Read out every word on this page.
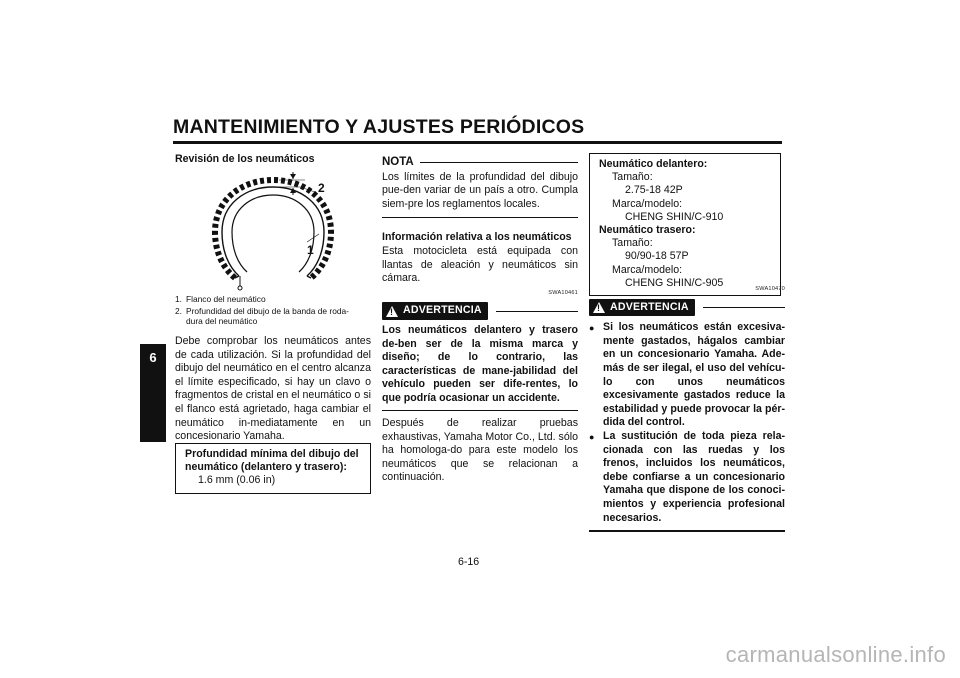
MANTENIMIENTO Y AJUSTES PERIÓDICOS
6
Revisión de los neumáticos
2
1
1. Flanco del neumático
2. Profundidad del dibujo de la banda de roda-
dura del neumático
Debe comprobar los neumáticos antes de cada utilización. Si la profundidad del dibujo del neumático en el centro alcanza el límite especificado, si hay un clavo o fragmentos de cristal en el neumático o si el flanco está agrietado, haga cambiar el neumático in-mediatamente en un concesionario Yamaha.
Profundidad mínima del dibujo del
neumático (delantero y trasero):
1.6 mm (0.06 in)
NOTA
Los límites de la profundidad del dibujo pue-den variar de un país a otro. Cumpla siem-pre los reglamentos locales.
Información relativa a los neumáticos
Esta motocicleta está equipada con llantas de aleación y neumáticos sin cámara.
SWA10461
! ADVERTENCIA
Los neumáticos delantero y trasero de-ben ser de la misma marca y diseño; de lo contrario, las características de mane-jabilidad del vehículo pueden ser dife-rentes, lo que podría ocasionar un accidente.
Después de realizar pruebas exhaustivas, Yamaha Motor Co., Ltd. sólo ha homologa-do para este modelo los neumáticos que se relacionan a continuación.
Neumático delantero:
Tamaño:
2.75-18 42P
Marca/modelo:
CHENG SHIN/C-910
Neumático trasero:
Tamaño:
90/90-18 57P
Marca/modelo:
CHENG SHIN/C-905
SWA10470
! ADVERTENCIA
● Si los neumáticos están excesiva-mente gastados, hágalos cambiar en un concesionario Yamaha. Ade-más de ser ilegal, el uso del vehícu-lo con unos neumáticos excesivamente gastados reduce la estabilidad y puede provocar la pér-dida del control.
● La sustitución de toda pieza rela-cionada con las ruedas y los frenos, incluidos los neumáticos, debe confiarse a un concesionario Yamaha que dispone de los conoci-mientos y experiencia profesional necesarios.
6-16
carmanualsonline.info
